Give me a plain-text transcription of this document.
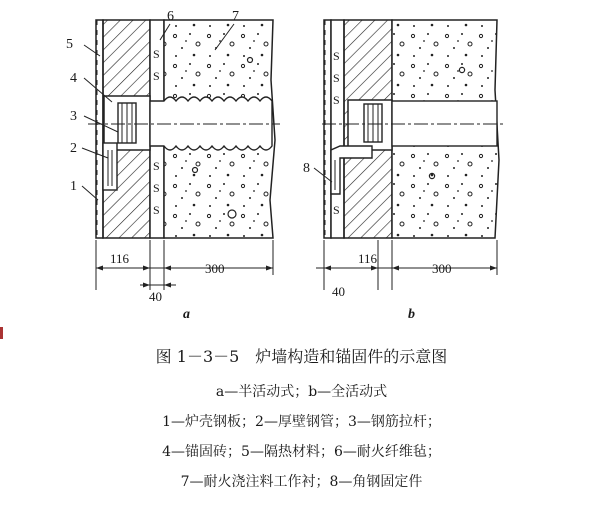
S
S
S
S
S
5
4
3
2
1
6	7
116
300
40
a
S
S
S
S
8
116
300
40
b

图 1－3－5　炉墙构造和锚固件的示意图

a—半活动式；b—全活动式

1—炉壳钢板；2—厚壁钢管；3—钢筋拉杆；

4—锚固砖；5—隔热材料；6—耐火纤维毡；

7—耐火浇注料工作衬；8—角钢固定件
